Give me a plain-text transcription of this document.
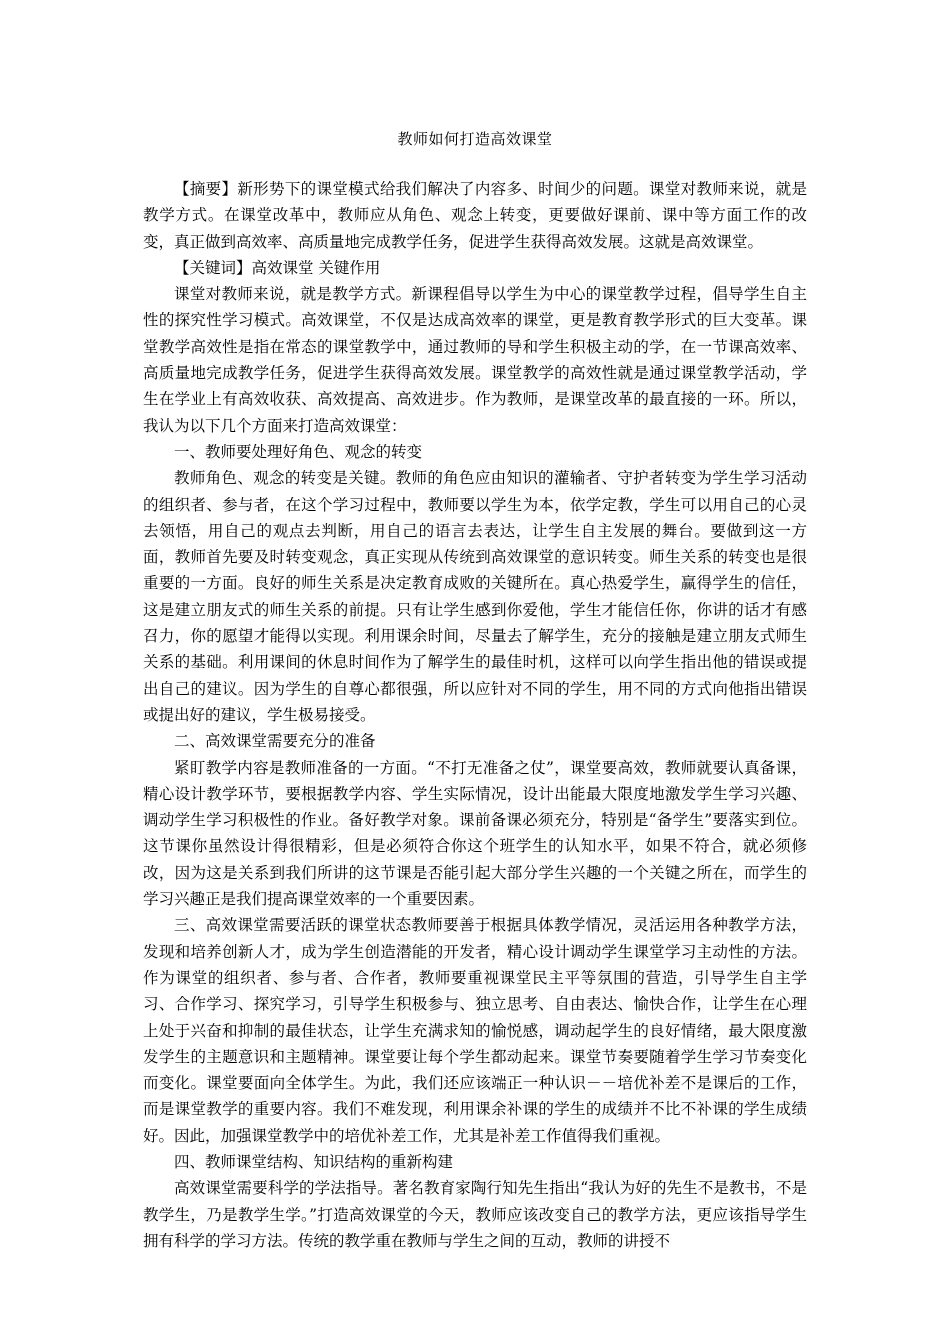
教师如何打造高效课堂

【摘要】新形势下的课堂模式给我们解决了内容多、时间少的问题。课堂对教师来说，就是教学方式。在课堂改革中，教师应从角色、观念上转变，更要做好课前、课中等方面工作的改变，真正做到高效率、高质量地完成教学任务，促进学生获得高效发展。这就是高效课堂。

【关键词】高效课堂 关键作用

课堂对教师来说，就是教学方式。新课程倡导以学生为中心的课堂教学过程，倡导学生自主性的探究性学习模式。高效课堂，不仅是达成高效率的课堂，更是教育教学形式的巨大变革。课堂教学高效性是指在常态的课堂教学中，通过教师的导和学生积极主动的学，在一节课高效率、高质量地完成教学任务，促进学生获得高效发展。课堂教学的高效性就是通过课堂教学活动，学生在学业上有高效收获、高效提高、高效进步。作为教师，是课堂改革的最直接的一环。所以，我认为以下几个方面来打造高效课堂：

一、教师要处理好角色、观念的转变

教师角色、观念的转变是关键。教师的角色应由知识的灌输者、守护者转变为学生学习活动的组织者、参与者，在这个学习过程中，教师要以学生为本，依学定教，学生可以用自己的心灵去领悟，用自己的观点去判断，用自己的语言去表达，让学生自主发展的舞台。要做到这一方面，教师首先要及时转变观念，真正实现从传统到高效课堂的意识转变。师生关系的转变也是很重要的一方面。良好的师生关系是决定教育成败的关键所在。真心热爱学生，赢得学生的信任，这是建立朋友式的师生关系的前提。只有让学生感到你爱他，学生才能信任你，你讲的话才有感召力，你的愿望才能得以实现。利用课余时间，尽量去了解学生，充分的接触是建立朋友式师生关系的基础。利用课间的休息时间作为了解学生的最佳时机，这样可以向学生指出他的错误或提出自己的建议。因为学生的自尊心都很强，所以应针对不同的学生，用不同的方式向他指出错误或提出好的建议，学生极易接受。

二、高效课堂需要充分的准备

紧盯教学内容是教师准备的一方面。“不打无准备之仗”，课堂要高效，教师就要认真备课，精心设计教学环节，要根据教学内容、学生实际情况，设计出能最大限度地激发学生学习兴趣、调动学生学习积极性的作业。备好教学对象。课前备课必须充分，特别是“备学生”要落实到位。这节课你虽然设计得很精彩，但是必须符合你这个班学生的认知水平，如果不符合，就必须修改，因为这是关系到我们所讲的这节课是否能引起大部分学生兴趣的一个关键之所在，而学生的学习兴趣正是我们提高课堂效率的一个重要因素。

三、高效课堂需要活跃的课堂状态教师要善于根据具体教学情况，灵活运用各种教学方法，发现和培养创新人才，成为学生创造潜能的开发者，精心设计调动学生课堂学习主动性的方法。作为课堂的组织者、参与者、合作者，教师要重视课堂民主平等氛围的营造，引导学生自主学习、合作学习、探究学习，引导学生积极参与、独立思考、自由表达、愉快合作，让学生在心理上处于兴奋和抑制的最佳状态，让学生充满求知的愉悦感，调动起学生的良好情绪，最大限度激发学生的主题意识和主题精神。课堂要让每个学生都动起来。课堂节奏要随着学生学习节奏变化而变化。课堂要面向全体学生。为此，我们还应该端正一种认识－－培优补差不是课后的工作，而是课堂教学的重要内容。我们不难发现，利用课余补课的学生的成绩并不比不补课的学生成绩好。因此，加强课堂教学中的培优补差工作，尤其是补差工作值得我们重视。

四、教师课堂结构、知识结构的重新构建

高效课堂需要科学的学法指导。著名教育家陶行知先生指出“我认为好的先生不是教书，不是教学生，乃是教学生学。”打造高效课堂的今天，教师应该改变自己的教学方法，更应该指导学生拥有科学的学习方法。传统的教学重在教师与学生之间的互动，教师的讲授不
